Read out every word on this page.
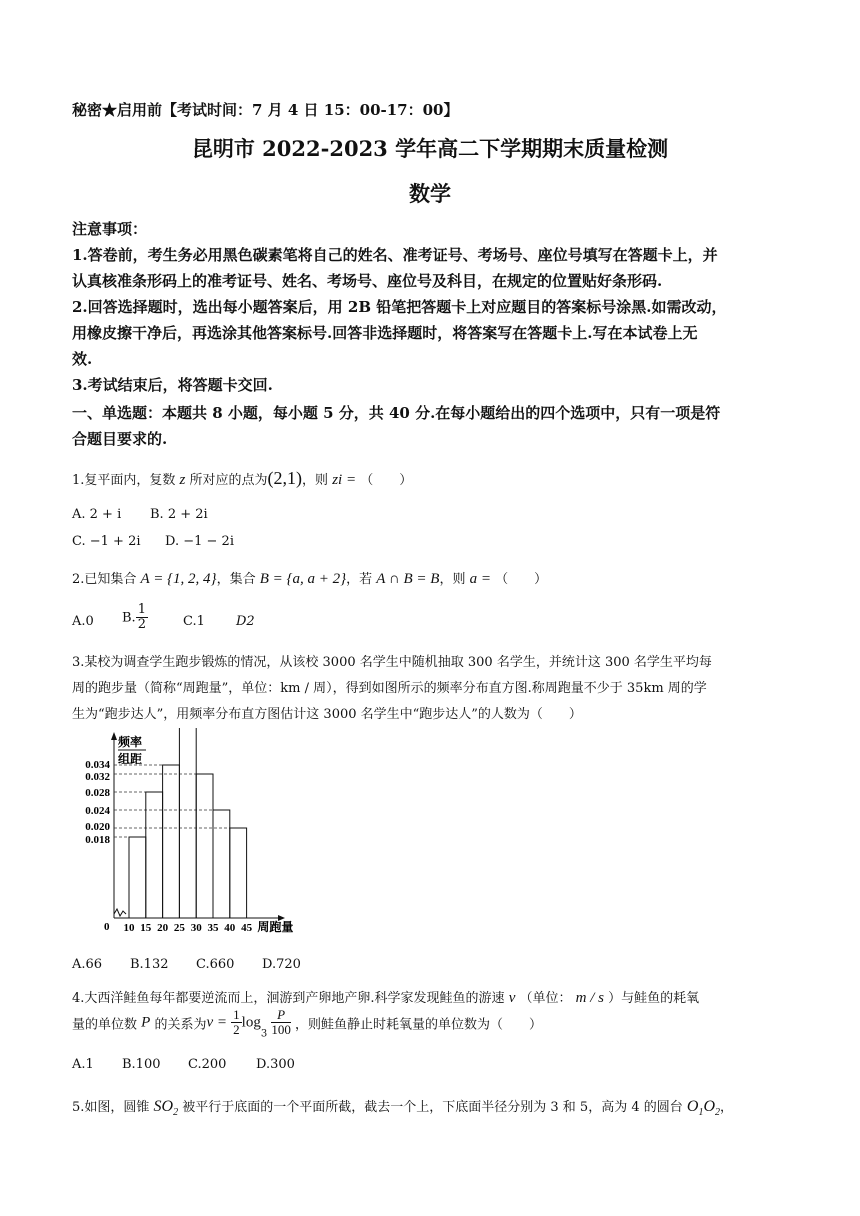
秘密★启用前【考试时间：7 月 4 日 15：00-17：00】
昆明市 2022-2023 学年高二下学期期末质量检测
数学
注意事项：
1.答卷前，考生务必用黑色碳素笔将自己的姓名、准考证号、考场号、座位号填写在答题卡上，并
认真核准条形码上的准考证号、姓名、考场号、座位号及科目，在规定的位置贴好条形码.
2.回答选择题时，选出每小题答案后，用 2B 铅笔把答题卡上对应题目的答案标号涂黑.如需改动，
用橡皮擦干净后，再选涂其他答案标号.回答非选择题时，将答案写在答题卡上.写在本试卷上无
效.
3.考试结束后，将答题卡交回.
一、单选题：本题共 8 小题，每小题 5 分，共 40 分.在每小题给出的四个选项中，只有一项是符
合题目要求的.
1.复平面内，复数 z 所对应的点为(2,1)，则 zi = （　　）
A. 2 + i B. 2 + 2i
C. −1 + 2i D. −1 − 2i
2.已知集合 A = {1, 2, 4}，集合 B = {a, a + 2}，若 A ∩ B = B，则 a = （　　）
A.0 B. $\frac{1}{2}$	C.1 D2
3.某校为调查学生跑步锻炼的情况，从该校 3000 名学生中随机抽取 300 名学生，并统计这 300 名学生平均每
周的跑步量（简称“周跑量”，单位：km / 周），得到如图所示的频率分布直方图.称周跑量不少于 35km 周的学
生为“跑步达人”，用频率分布直方图估计这 3000 名学生中“跑步达人”的人数为（　　）
频率
组距
0.018
0.020
0.024
0.028
0.032
0.034
0 10 15 20 25 30 35 40 45 周跑量
A.66 B.132 C.660 D.720
4.大西洋鲑鱼每年都要逆流而上，洄游到产卵地产卵.科学家发现鲑鱼的游速 v （单位： m / s ）与鲑鱼的耗氧
量的单位数 P 的关系为$v = \frac{1}{2} \log_3 \frac{P}{100}$ ，则鲑鱼静止时耗氧量的单位数为（　　）
A.1 B.100 C.200 D.300
5.如图，圆锥 $SO_2$ 被平行于底面的一个平面所截，截去一个上，下底面半径分别为 3 和 5，高为 4 的圆台 $O_1O_2$，
